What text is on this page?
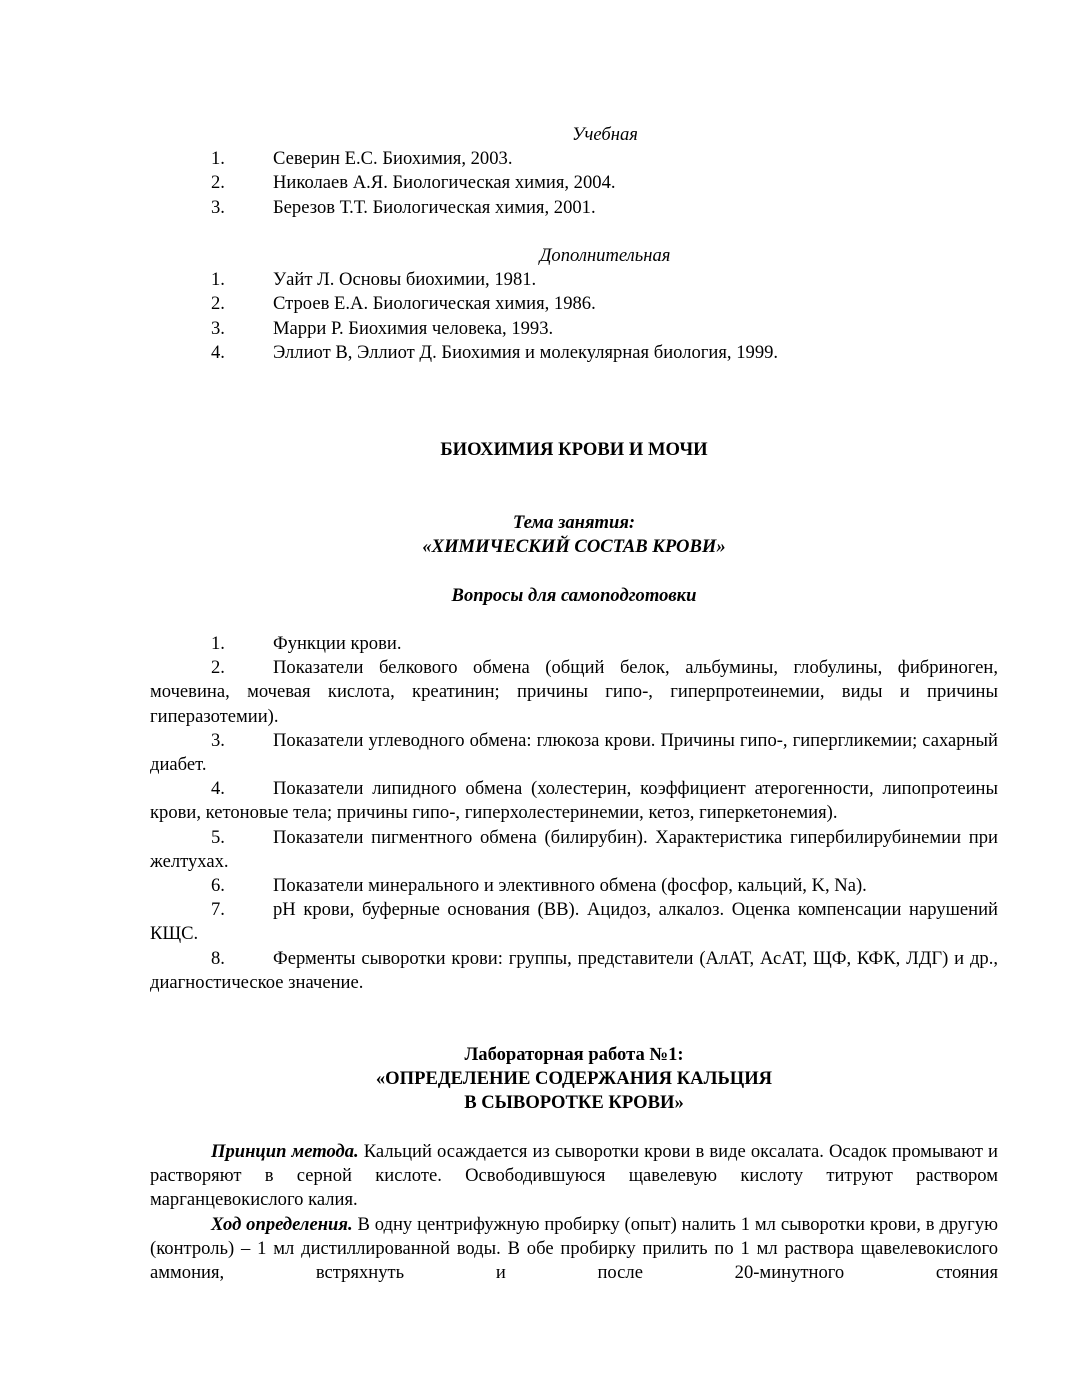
Учебная
1.	Северин Е.С. Биохимия, 2003.
2.	Николаев А.Я. Биологическая химия, 2004.
3.	Березов Т.Т. Биологическая химия, 2001.
Дополнительная
1.	Уайт Л. Основы биохимии, 1981.
2.	Строев Е.А. Биологическая химия, 1986.
3.	Марри Р. Биохимия человека, 1993.
4.	Эллиот В, Эллиот Д. Биохимия и молекулярная биология, 1999.
БИОХИМИЯ КРОВИ И МОЧИ
Тема занятия:
«ХИМИЧЕСКИЙ СОСТАВ КРОВИ»
Вопросы для самоподготовки
1.	Функции крови.
2.	Показатели белкового обмена (общий белок, альбумины, глобулины, фибриноген, мочевина, мочевая кислота, креатинин; причины гипо-, гиперпротеинемии, виды и причины гиперазотемии).
3.	Показатели углеводного обмена: глюкоза крови. Причины гипо-, гипергликемии; сахарный диабет.
4.	Показатели липидного обмена (холестерин, коэффициент атерогенности, липопротеины крови, кетоновые тела; причины гипо-, гиперхолестеринемии, кетоз, гиперкетонемия).
5.	Показатели пигментного обмена (билирубин). Характеристика гипербилирубинемии при желтухах.
6.	Показатели минерального и элективного обмена (фосфор, кальций, K, Na).
7.	рН крови, буферные основания (ВВ). Ацидоз, алкалоз. Оценка компенсации нарушений КЩС.
8.	Ферменты сыворотки крови: группы, представители (АлАТ, АсАТ, ЩФ, КФК, ЛДГ) и др., диагностическое значение.
Лабораторная работа №1:
«ОПРЕДЕЛЕНИЕ СОДЕРЖАНИЯ КАЛЬЦИЯ
В СЫВОРОТКЕ КРОВИ»
Принцип метода. Кальций осаждается из сыворотки крови в виде оксалата. Осадок промывают и растворяют в серной кислоте. Освободившуюся щавелевую кислоту титруют раствором марганцевокислого калия.
Ход определения. В одну центрифужную пробирку (опыт) налить 1 мл сыворотки крови, в другую (контроль) – 1 мл дистиллированной воды. В обе пробирку прилить по 1 мл раствора щавелевокислого аммония, встряхнуть и после 20-минутного стояния
